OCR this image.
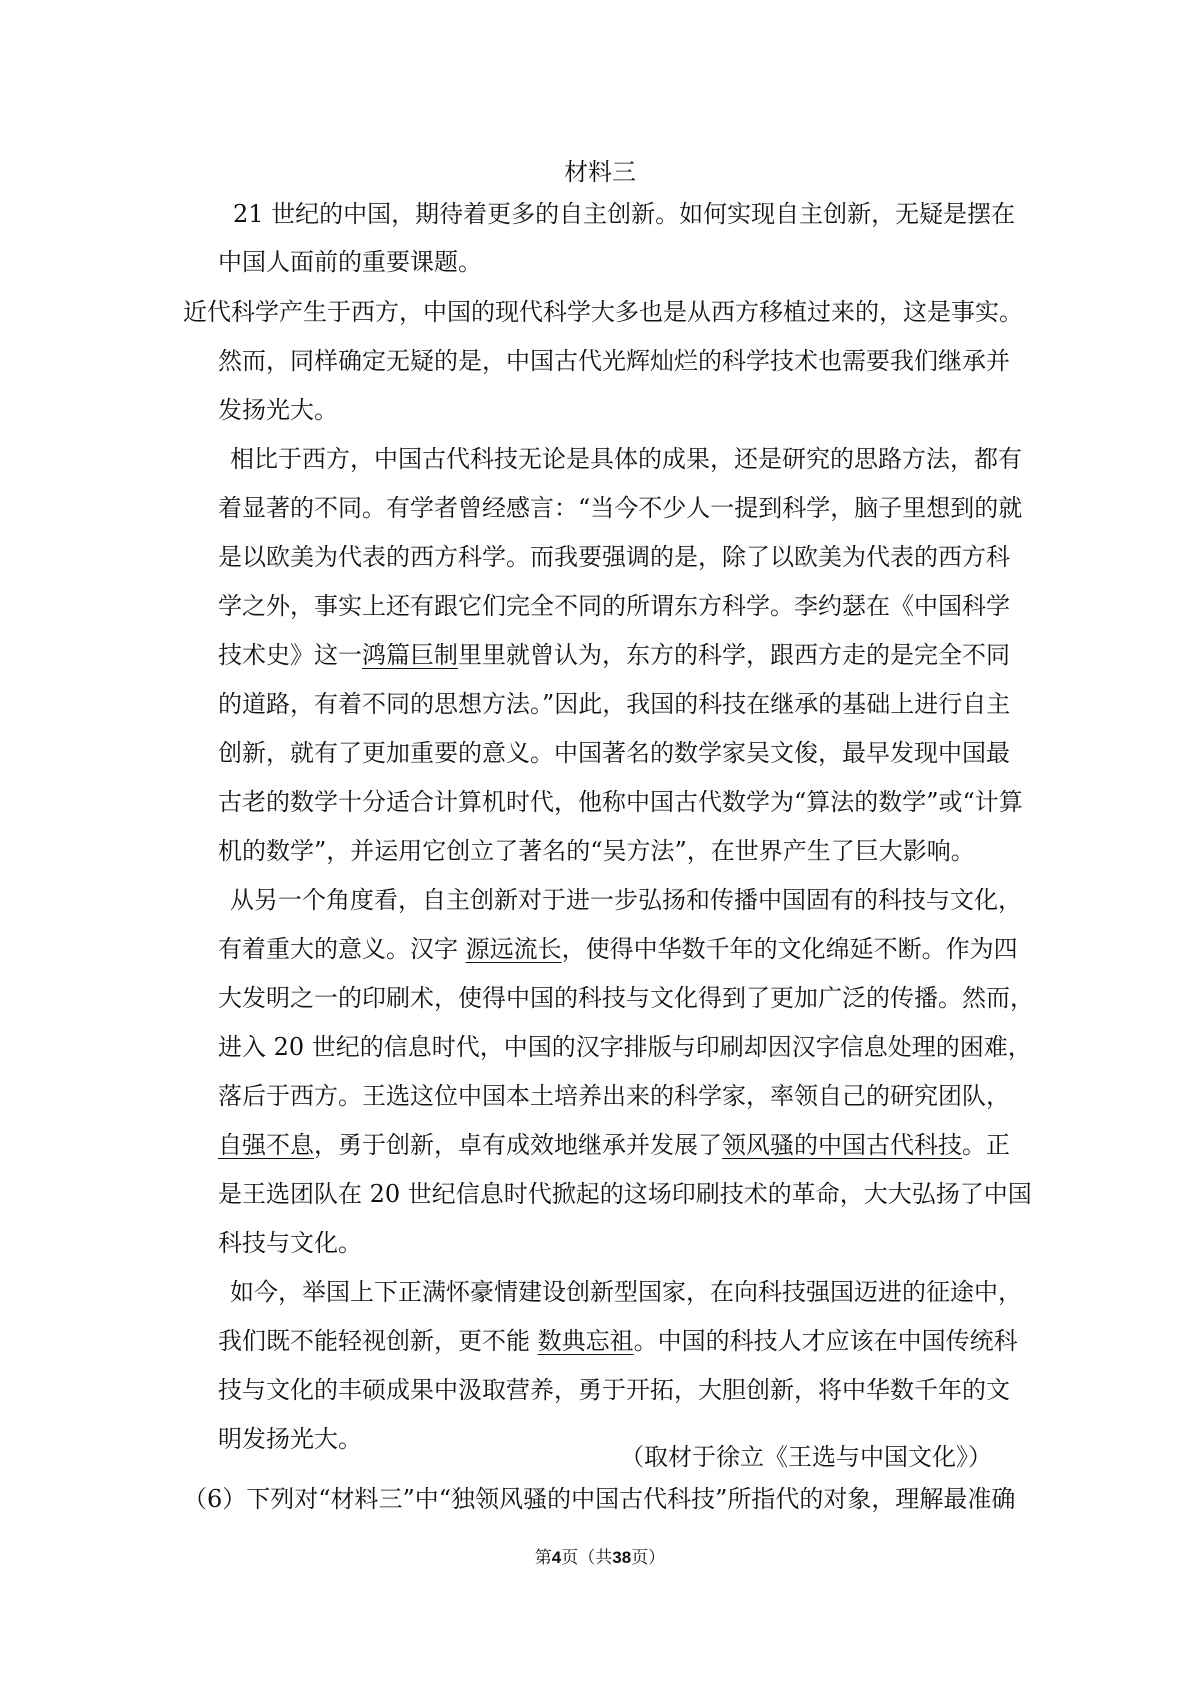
材料三
21 世纪的中国，期待着更多的自主创新。如何实现自主创新，无疑是摆在
中国人面前的重要课题。
近代科学产生于西方，中国的现代科学大多也是从西方移植过来的，这是事实。
然而，同样确定无疑的是，中国古代光辉灿烂的科学技术也需要我们继承并
发扬光大。
相比于西方，中国古代科技无论是具体的成果，还是研究的思路方法，都有
着显著的不同。有学者曾经感言：“当今不少人一提到科学，脑子里想到的就
是以欧美为代表的西方科学。而我要强调的是，除了以欧美为代表的西方科
学之外，事实上还有跟它们完全不同的所谓东方科学。李约瑟在《中国科学
技术史》这一鸿篇巨制里里就曾认为，东方的科学，跟西方走的是完全不同
的道路，有着不同的思想方法。”因此，我国的科技在继承的基础上进行自主
创新，就有了更加重要的意义。中国著名的数学家吴文俊，最早发现中国最
古老的数学十分适合计算机时代，他称中国古代数学为“算法的数学”或“计算
机的数学”，并运用它创立了著名的“吴方法”，在世界产生了巨大影响。
从另一个角度看，自主创新对于进一步弘扬和传播中国固有的科技与文化，
有着重大的意义。汉字 源远流长，使得中华数千年的文化绵延不断。作为四
大发明之一的印刷术，使得中国的科技与文化得到了更加广泛的传播。然而，
进入 20 世纪的信息时代，中国的汉字排版与印刷却因汉字信息处理的困难，
落后于西方。王选这位中国本土培养出来的科学家，率领自己的研究团队，
自强不息，勇于创新，卓有成效地继承并发展了领风骚的中国古代科技。正
是王选团队在 20 世纪信息时代掀起的这场印刷技术的革命，大大弘扬了中国
科技与文化。
如今，举国上下正满怀豪情建设创新型国家，在向科技强国迈进的征途中，
我们既不能轻视创新，更不能 数典忘祖。中国的科技人才应该在中国传统科
技与文化的丰硕成果中汲取营养，勇于开拓，大胆创新，将中华数千年的文
明发扬光大。
（取材于徐立《王选与中国文化》）
（6）下列对“材料三”中“独领风骚的中国古代科技”所指代的对象，理解最准确
第4页（共38页）
